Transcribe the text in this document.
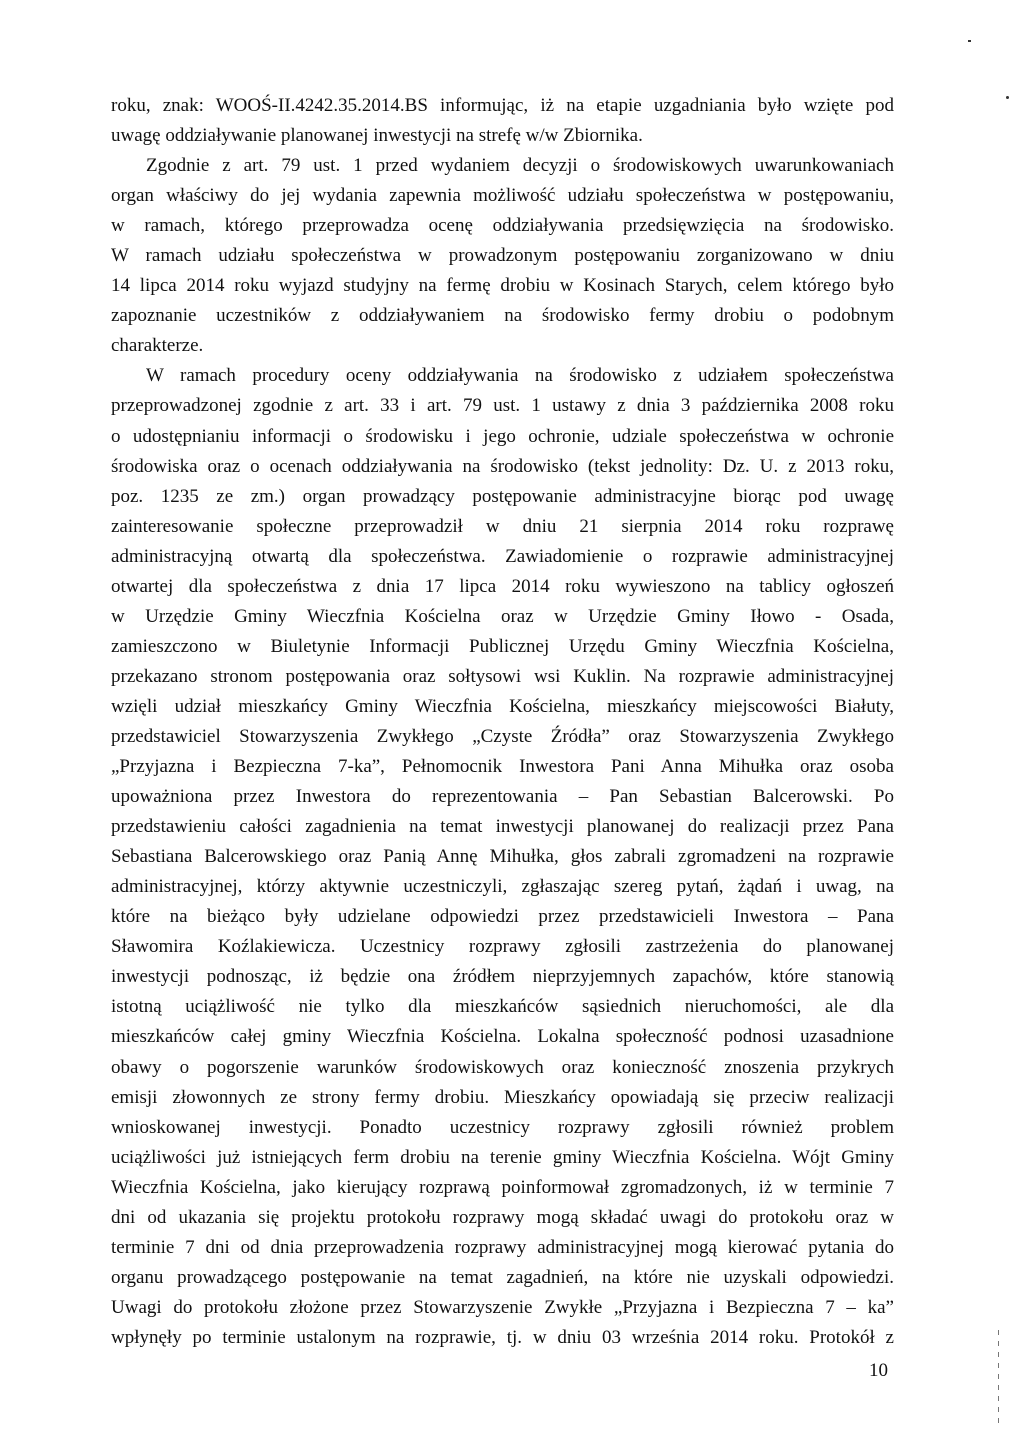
roku, znak: WOOŚ-II.4242.35.2014.BS informując, iż na etapie uzgadniania było wzięte pod
uwagę oddziaływanie planowanej inwestycji na strefę w/w Zbiornika.
Zgodnie z art. 79 ust. 1 przed wydaniem decyzji o środowiskowych uwarunkowaniach
organ właściwy do jej wydania zapewnia możliwość udziału społeczeństwa w postępowaniu,
w ramach, którego przeprowadza ocenę oddziaływania przedsięwzięcia na środowisko.
W ramach udziału społeczeństwa w prowadzonym postępowaniu zorganizowano w dniu
14 lipca 2014 roku wyjazd studyjny na fermę drobiu w Kosinach Starych, celem którego było
zapoznanie uczestników z oddziaływaniem na środowisko fermy drobiu o podobnym
charakterze.
W ramach procedury oceny oddziaływania na środowisko z udziałem społeczeństwa
przeprowadzonej zgodnie z art. 33 i art. 79 ust. 1 ustawy z dnia 3 października 2008 roku
o udostępnianiu informacji o środowisku i jego ochronie, udziale społeczeństwa w ochronie
środowiska oraz o ocenach oddziaływania na środowisko (tekst jednolity: Dz. U. z 2013 roku,
poz. 1235 ze zm.) organ prowadzący postępowanie administracyjne biorąc pod uwagę
zainteresowanie społeczne przeprowadził w dniu 21 sierpnia 2014 roku rozprawę
administracyjną otwartą dla społeczeństwa. Zawiadomienie o rozprawie administracyjnej
otwartej dla społeczeństwa z dnia 17 lipca 2014 roku wywieszono na tablicy ogłoszeń
w Urzędzie Gminy Wieczfnia Kościelna oraz w Urzędzie Gminy Iłowo - Osada,
zamieszczono w Biuletynie Informacji Publicznej Urzędu Gminy Wieczfnia Kościelna,
przekazano stronom postępowania oraz sołtysowi wsi Kuklin. Na rozprawie administracyjnej
wzięli udział mieszkańcy Gminy Wieczfnia Kościelna, mieszkańcy miejscowości Białuty,
przedstawiciel Stowarzyszenia Zwykłego „Czyste Źródła” oraz Stowarzyszenia Zwykłego
„Przyjazna i Bezpieczna 7-ka”, Pełnomocnik Inwestora Pani Anna Mihułka oraz osoba
upoważniona przez Inwestora do reprezentowania – Pan Sebastian Balcerowski. Po
przedstawieniu całości zagadnienia na temat inwestycji planowanej do realizacji przez Pana
Sebastiana Balcerowskiego oraz Panią Annę Mihułka, głos zabrali zgromadzeni na rozprawie
administracyjnej, którzy aktywnie uczestniczyli, zgłaszając szereg pytań, żądań i uwag, na
które na bieżąco były udzielane odpowiedzi przez przedstawicieli Inwestora – Pana
Sławomira Koźlakiewicza. Uczestnicy rozprawy zgłosili zastrzeżenia do planowanej
inwestycji podnosząc, iż będzie ona źródłem nieprzyjemnych zapachów, które stanowią
istotną uciążliwość nie tylko dla mieszkańców sąsiednich nieruchomości, ale dla
mieszkańców całej gminy Wieczfnia Kościelna. Lokalna społeczność podnosi uzasadnione
obawy o pogorszenie warunków środowiskowych oraz konieczność znoszenia przykrych
emisji złowonnych ze strony fermy drobiu. Mieszkańcy opowiadają się przeciw realizacji
wnioskowanej inwestycji. Ponadto uczestnicy rozprawy zgłosili również problem
uciążliwości już istniejących ferm drobiu na terenie gminy Wieczfnia Kościelna. Wójt Gminy
Wieczfnia Kościelna, jako kierujący rozprawą poinformował zgromadzonych, iż w terminie 7
dni od ukazania się projektu protokołu rozprawy mogą składać uwagi do protokołu oraz w
terminie 7 dni od dnia przeprowadzenia rozprawy administracyjnej mogą kierować pytania do
organu prowadzącego postępowanie na temat zagadnień, na które nie uzyskali odpowiedzi.
Uwagi do protokołu złożone przez Stowarzyszenie Zwykłe „Przyjazna i Bezpieczna 7 – ka”
wpłynęły po terminie ustalonym na rozprawie, tj. w dniu 03 września 2014 roku. Protokół z
10
